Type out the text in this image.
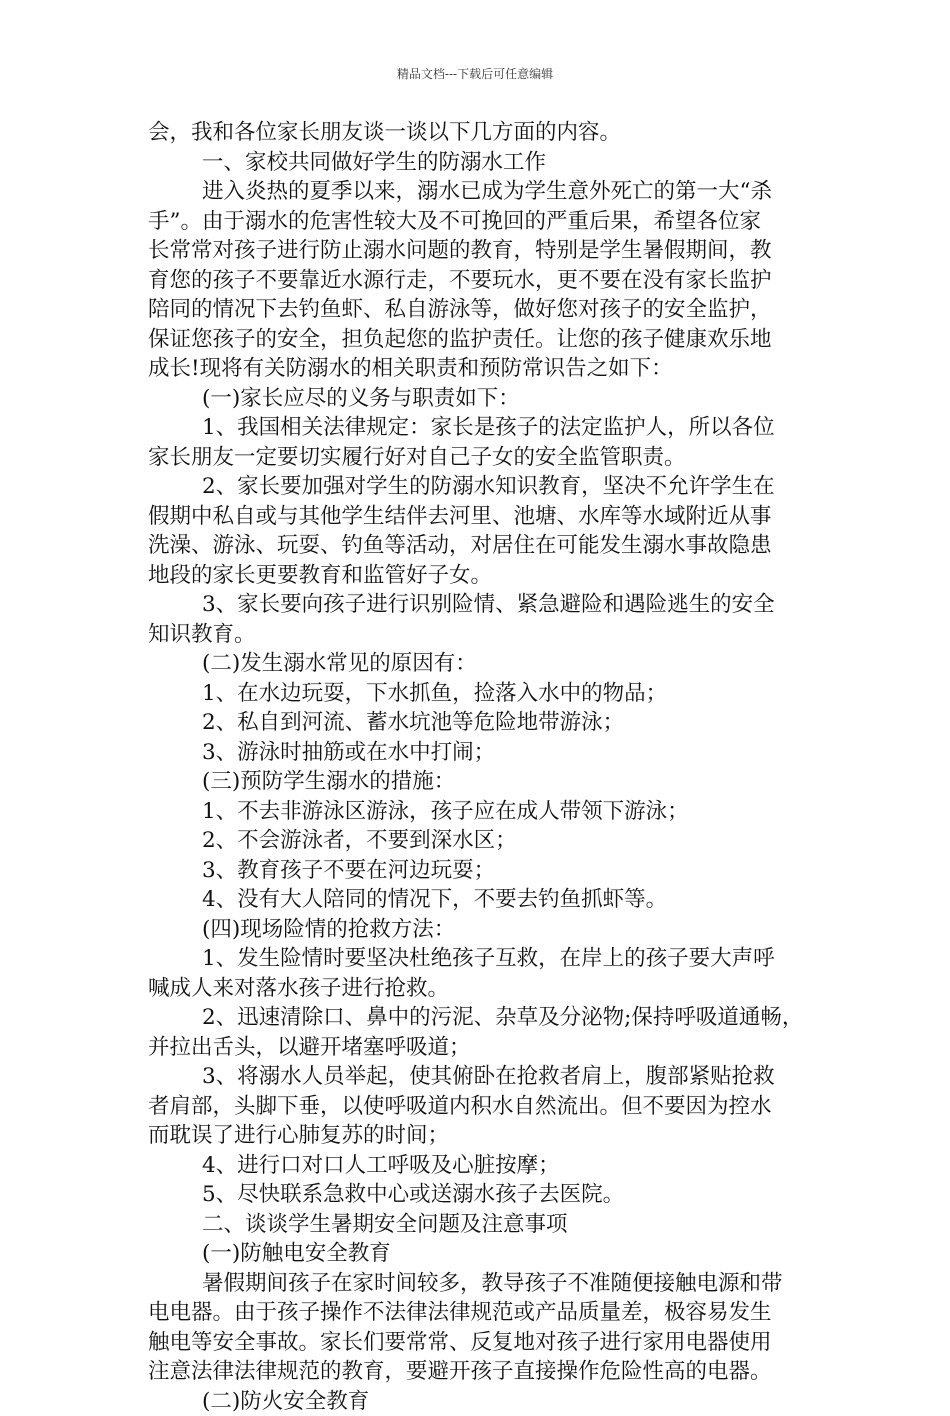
精品文档---下载后可任意编辑
会，我和各位家长朋友谈一谈以下几方面的内容。
一、家校共同做好学生的防溺水工作
进入炎热的夏季以来，溺水已成为学生意外死亡的第一大“杀
手”。由于溺水的危害性较大及不可挽回的严重后果，希望各位家
长常常对孩子进行防止溺水问题的教育，特别是学生暑假期间，教
育您的孩子不要靠近水源行走，不要玩水，更不要在没有家长监护
陪同的情况下去钓鱼虾、私自游泳等，做好您对孩子的安全监护，
保证您孩子的安全，担负起您的监护责任。让您的孩子健康欢乐地
成长!现将有关防溺水的相关职责和预防常识告之如下：
(一)家长应尽的义务与职责如下：
1、我国相关法律规定：家长是孩子的法定监护人，所以各位
家长朋友一定要切实履行好对自己子女的安全监管职责。
2、家长要加强对学生的防溺水知识教育，坚决不允许学生在
假期中私自或与其他学生结伴去河里、池塘、水库等水域附近从事
洗澡、游泳、玩耍、钓鱼等活动，对居住在可能发生溺水事故隐患
地段的家长更要教育和监管好子女。
3、家长要向孩子进行识别险情、紧急避险和遇险逃生的安全
知识教育。
(二)发生溺水常见的原因有：
1、在水边玩耍，下水抓鱼，捡落入水中的物品；
2、私自到河流、蓄水坑池等危险地带游泳；
3、游泳时抽筋或在水中打闹；
(三)预防学生溺水的措施：
1、不去非游泳区游泳，孩子应在成人带领下游泳；
2、不会游泳者，不要到深水区；
3、教育孩子不要在河边玩耍；
4、没有大人陪同的情况下，不要去钓鱼抓虾等。
(四)现场险情的抢救方法：
1、发生险情时要坚决杜绝孩子互救，在岸上的孩子要大声呼
喊成人来对落水孩子进行抢救。
2、迅速清除口、鼻中的污泥、杂草及分泌物;保持呼吸道通畅，
并拉出舌头，以避开堵塞呼吸道；
3、将溺水人员举起，使其俯卧在抢救者肩上，腹部紧贴抢救
者肩部，头脚下垂，以使呼吸道内积水自然流出。但不要因为控水
而耽误了进行心肺复苏的时间；
4、进行口对口人工呼吸及心脏按摩；
5、尽快联系急救中心或送溺水孩子去医院。
二、谈谈学生暑期安全问题及注意事项
(一)防触电安全教育
暑假期间孩子在家时间较多，教导孩子不准随便接触电源和带
电电器。由于孩子操作不法律法律规范或产品质量差，极容易发生
触电等安全事故。家长们要常常、反复地对孩子进行家用电器使用
注意法律法律规范的教育，要避开孩子直接操作危险性高的电器。
(二)防火安全教育
